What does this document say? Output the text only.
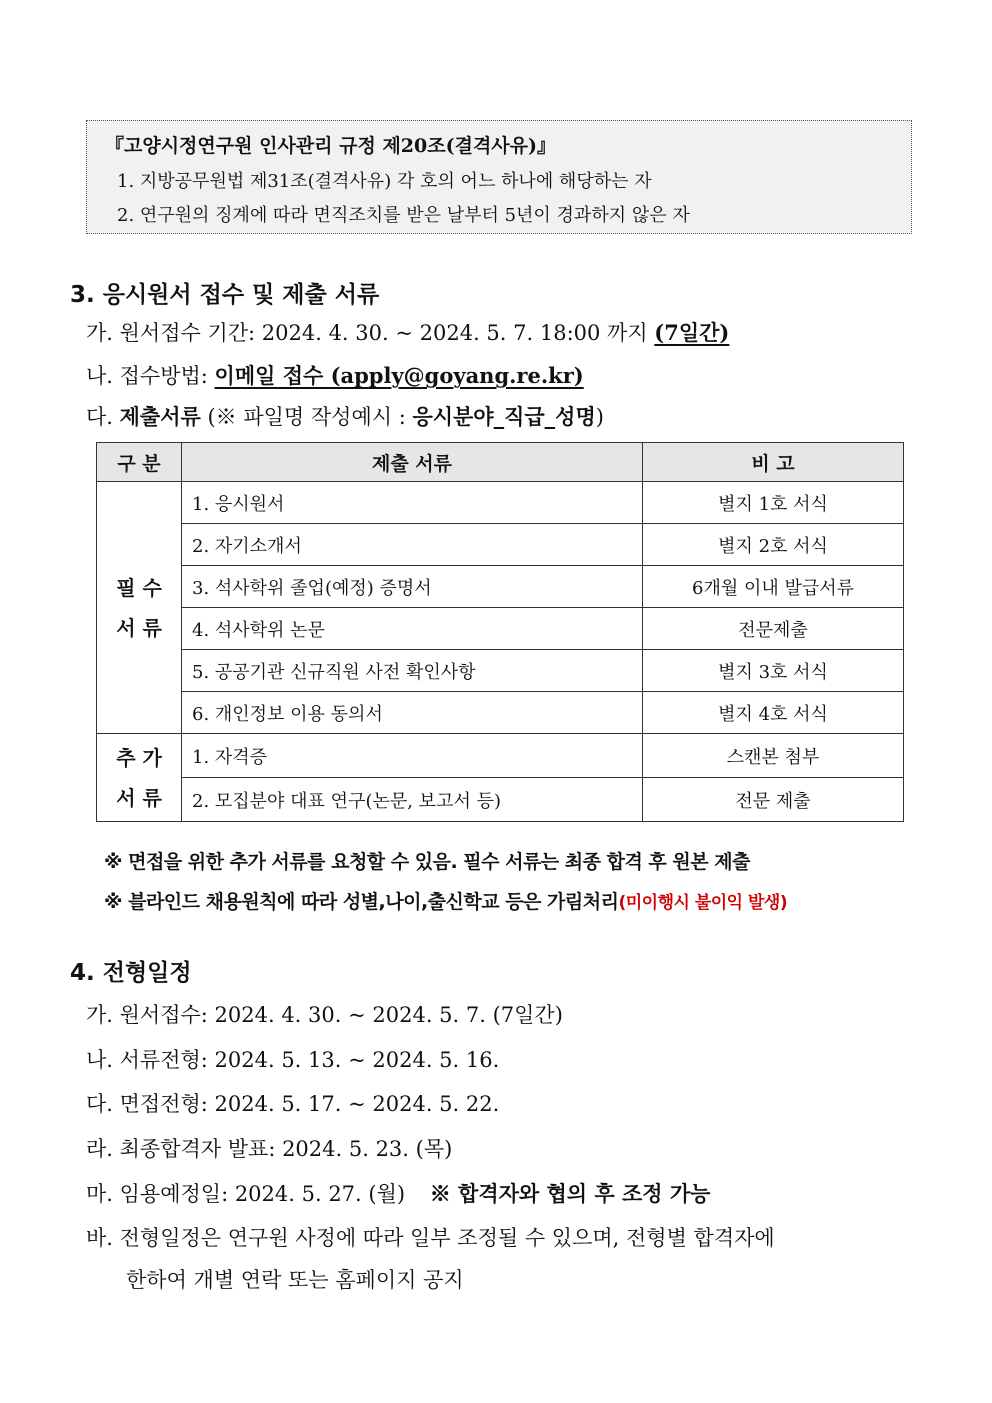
『고양시정연구원 인사관리 규정 제20조(결격사유)』
1. 지방공무원법 제31조(결격사유) 각 호의 어느 하나에 해당하는 자
2. 연구원의 징계에 따라 면직조치를 받은 날부터 5년이 경과하지 않은 자
3. 응시원서 접수 및 제출 서류
가. 원서접수 기간: 2024. 4. 30. ~ 2024. 5. 7. 18:00 까지 (7일간)
나. 접수방법: 이메일 접수 (apply@goyang.re.kr)
다. 제출서류 (※ 파일명 작성예시 : 응시분야_직급_성명)
구 분	제출 서류	비 고

필 수
서 류	1. 응시원서	별지 1호 서식
	2. 자기소개서	별지 2호 서식
	3. 석사학위 졸업(예정) 증명서	6개월 이내 발급서류
	4. 석사학위 논문	전문제출
	5. 공공기관 신규직원 사전 확인사항	별지 3호 서식
	6. 개인정보 이용 동의서	별지 4호 서식

추 가
서 류	1. 자격증	스캔본 첨부
	2. 모집분야 대표 연구(논문, 보고서 등)	전문 제출
※ 면접을 위한 추가 서류를 요청할 수 있음. 필수 서류는 최종 합격 후 원본 제출
※ 블라인드 채용원칙에 따라 성별,나이,출신학교 등은 가림처리(미이행시 불이익 발생)
4. 전형일정
가. 원서접수: 2024. 4. 30. ~ 2024. 5. 7. (7일간)
나. 서류전형: 2024. 5. 13. ~ 2024. 5. 16.
다. 면접전형: 2024. 5. 17. ~ 2024. 5. 22.
라. 최종합격자 발표: 2024. 5. 23. (목)
마. 임용예정일: 2024. 5. 27. (월) ※ 합격자와 협의 후 조정 가능
바. 전형일정은 연구원 사정에 따라 일부 조정될 수 있으며, 전형별 합격자에
한하여 개별 연락 또는 홈페이지 공지
